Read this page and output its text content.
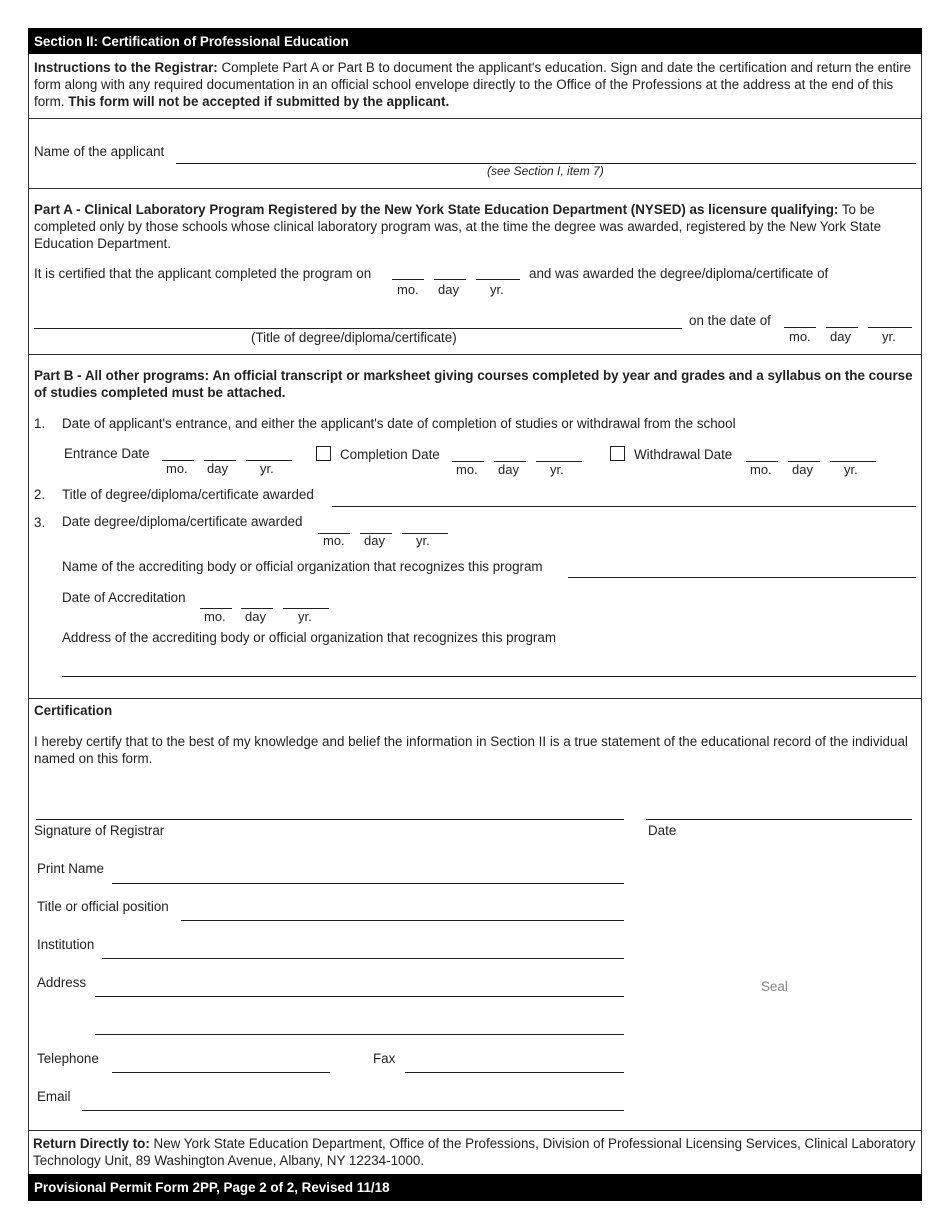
Section II: Certification of Professional Education
Instructions to the Registrar: Complete Part A or Part B to document the applicant's education. Sign and date the certification and return the entire form along with any required documentation in an official school envelope directly to the Office of the Professions at the address at the end of this form. This form will not be accepted if submitted by the applicant.
Name of the applicant
(see Section I, item 7)
Part A - Clinical Laboratory Program Registered by the New York State Education Department (NYSED) as licensure qualifying: To be completed only by those schools whose clinical laboratory program was, at the time the degree was awarded, registered by the New York State Education Department.
It is certified that the applicant completed the program on
mo. day yr.
and was awarded the degree/diploma/certificate of
(Title of degree/diploma/certificate)
on the date of
mo. day yr.
Part B - All other programs: An official transcript or marksheet giving courses completed by year and grades and a syllabus on the course of studies completed must be attached.
1. Date of applicant's entrance, and either the applicant's date of completion of studies or withdrawal from the school
Entrance Date
mo. day yr.
Completion Date
mo. day yr.
Withdrawal Date
mo. day yr.
2. Title of degree/diploma/certificate awarded
3. Date degree/diploma/certificate awarded
mo. day yr.
Name of the accrediting body or official organization that recognizes this program
Date of Accreditation
mo. day yr.
Address of the accrediting body or official organization that recognizes this program
Certification
I hereby certify that to the best of my knowledge and belief the information in Section II is a true statement of the educational record of the individual named on this form.
Signature of Registrar	Date
Print Name
Title or official position
Institution
Address	Seal
Telephone	Fax
Email
Return Directly to: New York State Education Department, Office of the Professions, Division of Professional Licensing Services, Clinical Laboratory Technology Unit, 89 Washington Avenue, Albany, NY 12234-1000.
Provisional Permit Form 2PP, Page 2 of 2, Revised 11/18
